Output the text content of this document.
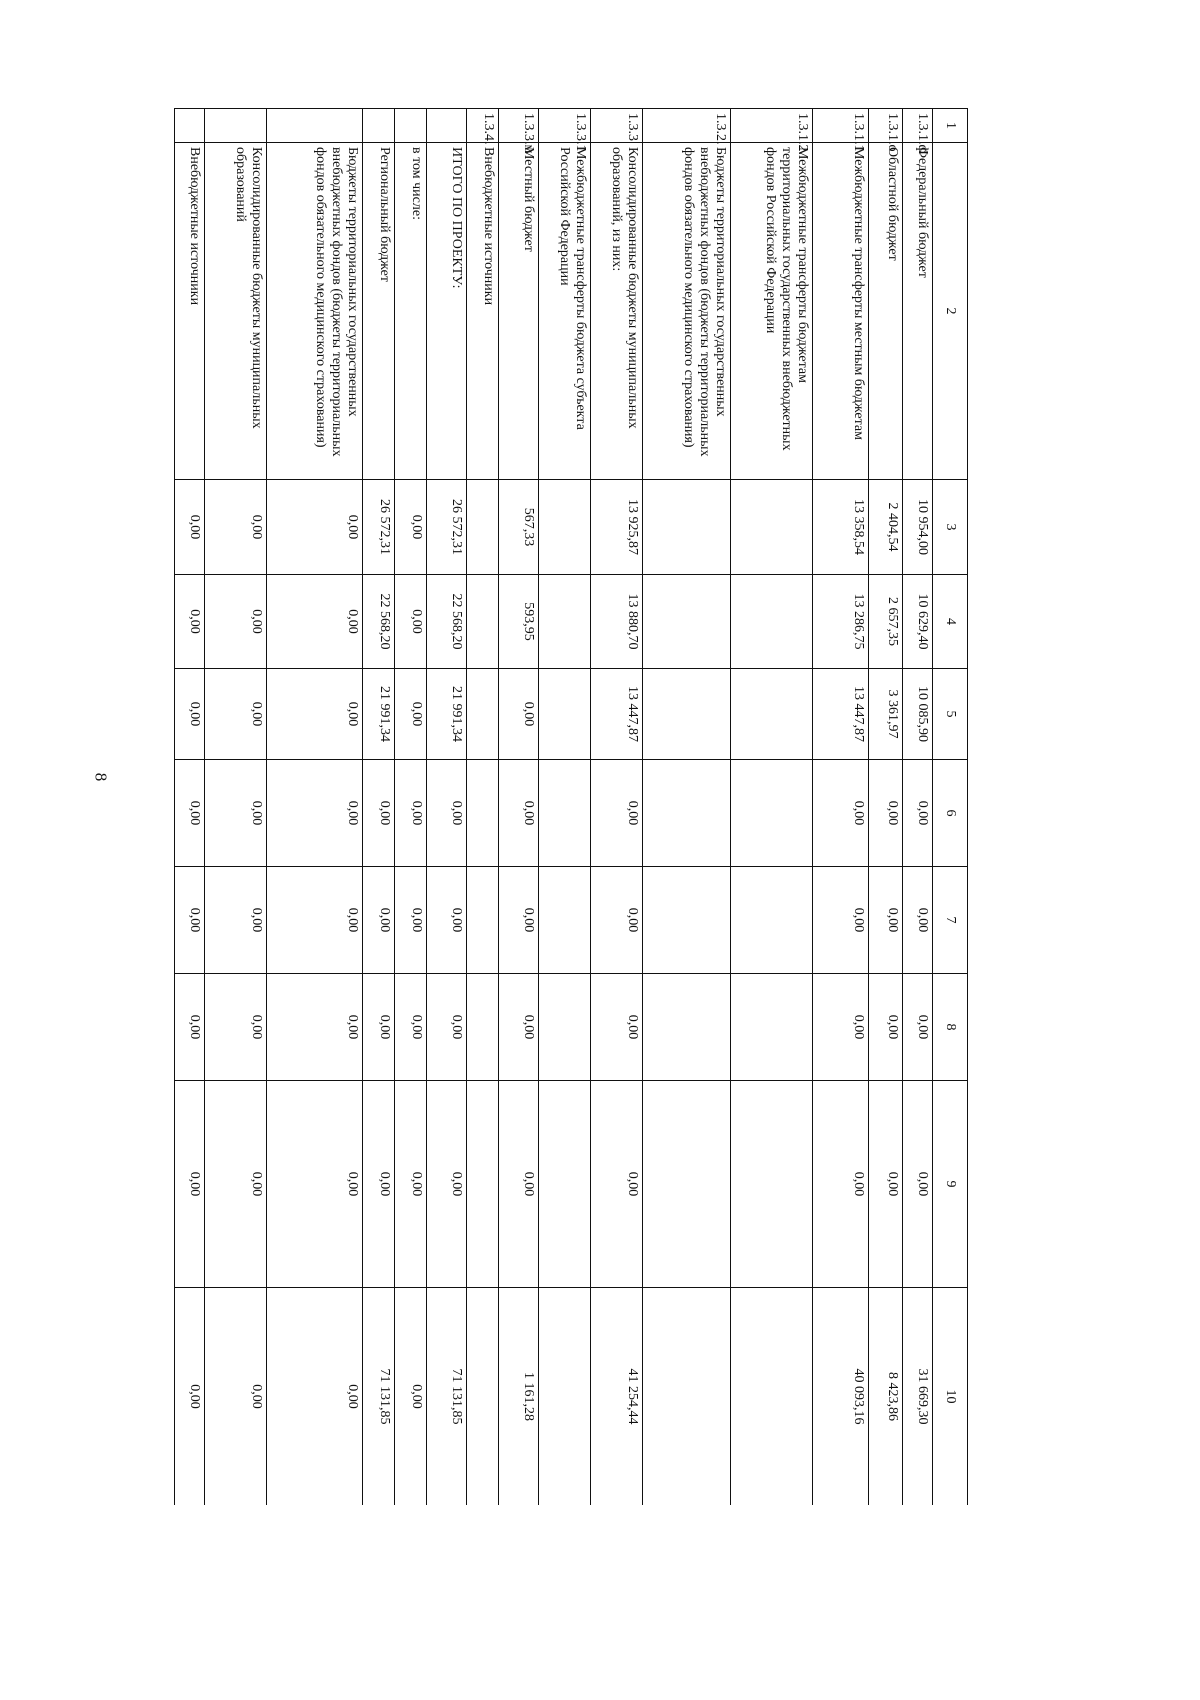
8
1	2	3	4	5	6	7	8	9	10
1.3.1.ф	Федеральный бюджет	10 954,00	10 629,40	10 085,90	0,00	0,00	0,00	0,00	31 669,30
1.3.1.о	Областной бюджет	2 404,54	2 657,35	3 361,97	0,00	0,00	0,00	0,00	8 423,86
1.3.1.1.	Межбюджетные трансферты местным бюджетам	13 358,54	13 286,75	13 447,87	0,00	0,00	0,00	0,00	40 093,16
1.3.1.2.	Межбюджетные трансферты бюджетам территориальных государственных внебюджетных фондов Российской Федерации								
1.3.2.	Бюджеты территориальных государственных внебюджетных фондов (бюджеты территориальных фондов обязательного медицинского страхования)								
1.3.3	Консолидированные бюджеты муниципальных образований, из них:	13 925,87	13 880,70	13 447,87	0,00	0,00	0,00	0,00	41 254,44
1.3.3.1	Межбюджетные трансферты бюджета субъекта Российской Федерации								
1.3.3.м	Местный бюджет	567,33	593,95	0,00	0,00	0,00	0,00	0,00	1 161,28
1.3.4.	Внебюджетные источники								
	ИТОГО ПО ПРОЕКТУ:	26 572,31	22 568,20	21 991,34	0,00	0,00	0,00	0,00	71 131,85
	в том числе:	0,00	0,00	0,00	0,00	0,00	0,00	0,00	0,00
	Региональный бюджет	26 572,31	22 568,20	21 991,34	0,00	0,00	0,00	0,00	71 131,85
	Бюджеты территориальных государственных внебюджетных фондов (бюджеты территориальных фондов обязательного медицинского страхования)	0,00	0,00	0,00	0,00	0,00	0,00	0,00	0,00
	Консолидированные бюджеты муниципальных образований	0,00	0,00	0,00	0,00	0,00	0,00	0,00	0,00
	Внебюджетные источники	0,00	0,00	0,00	0,00	0,00	0,00	0,00	0,00
